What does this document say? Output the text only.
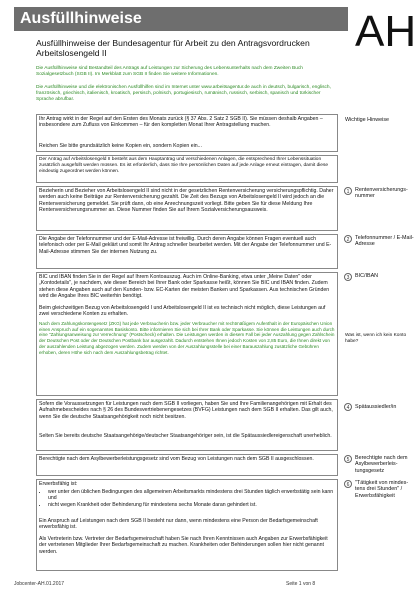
Ausfüllhinweise	AH
Ausfüllhinweise der Bundesagentur für Arbeit zu den Antragsvordrucken Arbeitslosengeld II
Die Ausfüllhinweise sind Bestandteil des Antrags auf Leistungen zur Sicherung des Lebensunterhalts nach dem Zweiten Buch Sozialgesetzbuch (SGB II). Im Merkblatt zum SGB II finden Sie weitere Informationen.
Die Ausfüllhinweise und die elektronischen Ausfüllhilfen sind im Internet unter www.arbeitsagentur.de auch in deutsch, bulgarisch, englisch, französisch, griechisch, italienisch, kroatisch, persisch, polnisch, portugiesisch, rumänisch, russisch, serbisch, spanisch und türkischer Sprache abrufbar.
Ihr Antrag wirkt in der Regel auf den Ersten des Monats zurück (§ 37 Abs. 2 Satz 2 SGB II). Sie müssen deshalb Angaben – insbesondere zum Zufluss von Einkommen – für den kompletten Monat Ihrer Antragstellung machen.
Reichen Sie bitte grundsätzlich keine Kopien ein, sondern Kopien ein...
Wichtige Hinweise
Der Antrag auf Arbeitslosengeld II besteht aus dem Hauptantrag und verschiedenen Anlagen, die entsprechend Ihrer Lebenssituation zusätzlich ausgefüllt werden müssen. Es ist erforderlich, dass Sie Ihre persönlichen Daten auf jede Anlage erneut eintragen, damit diese eindeutig zugeordnet werden können.
Bezieherin und Bezieher von Arbeitslosengeld II sind nicht in der gesetzlichen Rentenversicherung versicherungspflichtig. Daher werden auch keine Beiträge zur Rentenversicherung gezahlt. Die Zeit des Bezugs von Arbeitslosengeld II wird jedoch an die Rentenversicherung gemeldet. Sie prüft dann, ob eine Anrechnungszeit vorliegt. Bitte geben Sie für diese Meldung Ihre Rentenversicherungsnummer an. Diese Nummer finden Sie auf Ihrem Sozialversicherungsausweis.
1	Rentenversicherungs-nummer
Die Angabe der Telefonnummer und der E-Mail-Adresse ist freiwillig. Durch deren Angabe können Fragen eventuell auch telefonisch oder per E-Mail geklärt und somit Ihr Antrag schneller bearbeitet werden. Mit der Angabe der Telefonnummer und E-Mail-Adresse stimmen Sie der internen Nutzung zu.
2	Telefonnummer / E-Mail-Adresse
BIC und IBAN finden Sie in der Regel auf Ihrem Kontoauszug. Auch im Online-Banking, etwa unter „Meine Daten" oder „Kontodetails", je nachdem, wie dieser Bereich bei Ihrer Bank oder Sparkasse heißt, können Sie BIC und IBAN finden. Zudem stehen diese Angaben auch auf den Kunden- bzw. EC-Karten der meisten Banken und Sparkassen. Aus technischen Gründen wird die Angabe Ihres BIC weiterhin benötigt.
Beim gleichzeitigen Bezug von Arbeitslosengeld I und Arbeitslosengeld II ist es technisch nicht möglich, diese Leistungen auf zwei verschiedene Konten zu erhalten.
Nach dem Zahlungskontengesetz (ZKG) hat jede Verbraucherin bzw. jeder Verbraucher mit rechtmäßigem Aufenthalt in der Europäischen Union einen Anspruch auf ein sogenanntes Basiskonto. Bitte informieren Sie sich bei Ihrer Bank oder Sparkasse. Sie können die Leistungen auch durch eine "Zahlungsanweisung zur Verrechnung" (Postscheck) erhalten. Die Leistungen werden in diesem Fall bei jeder Auszahlung gegen Zahlschein der Deutschen Post oder der Deutschen Postbank bar ausgezahlt. Dadurch entstehen Ihnen jedoch Kosten von 2,85 Euro, die Ihnen direkt von der auszahlenden Leistung abgezogen werden. Zudem werden von der Auszahlungsstelle bei einer Barauszahlung zusätzliche Gebühren erhoben, deren Höhe sich nach dem Auszahlungsbetrag richtet.
3	BIC/IBAN
Was ist, wenn ich kein Konto habe?
Sofern die Voraussetzungen für Leistungen nach dem SGB II vorliegen, haben Sie und Ihre Familienangehörigen mit Erhalt des Aufnahmebescheides nach § 26 des Bundesvertriebenengesetzes (BVFG) Leistungen nach dem SGB II erhalten. Das gilt auch, wenn Sie die deutsche Staatsangehörigkeit noch nicht besitzen.
Selten Sie bereits deutsche Staatsangehörige/deutscher Staatsangehöriger sein, ist die Spätaussiedlereigenschaft unerheblich.
4	Spätaussiedler/in
Berechtigte nach dem Asylbewerberleistungsgesetz sind vom Bezug von Leistungen nach dem SGB II ausgeschlossen.	5	Berechtigte nach dem Asylbewerberleis-tungsgesetz
Erwerbsfähig ist:
• wer unter den üblichen Bedingungen des allgemeinen Arbeitsmarkts mindestens drei Stunden täglich erwerbstätig sein kann und
• nicht wegen Krankheit oder Behinderung für mindestens sechs Monate daran gehindert ist.
Ein Anspruch auf Leistungen nach dem SGB II besteht nur dann, wenn mindestens eine Person der Bedarfsgemeinschaft erwerbsfähig ist.
Als Vertreterin bzw. Vertreter der Bedarfsgemeinschaft haben Sie nach Ihren Kenntnissen auch Angaben zur Erwerbsfähigkeit der vertretenen Mitglieder Ihrer Bedarfsgemeinschaft zu machen. Krankheiten oder Behinderungen sollen hier nicht genannt werden.
6	"Tätigkeit von mindes-tens drei Stunden" / Erwerbsfähigkeit
Jobcenter-AH.01.2017	Seite 1 von 8
